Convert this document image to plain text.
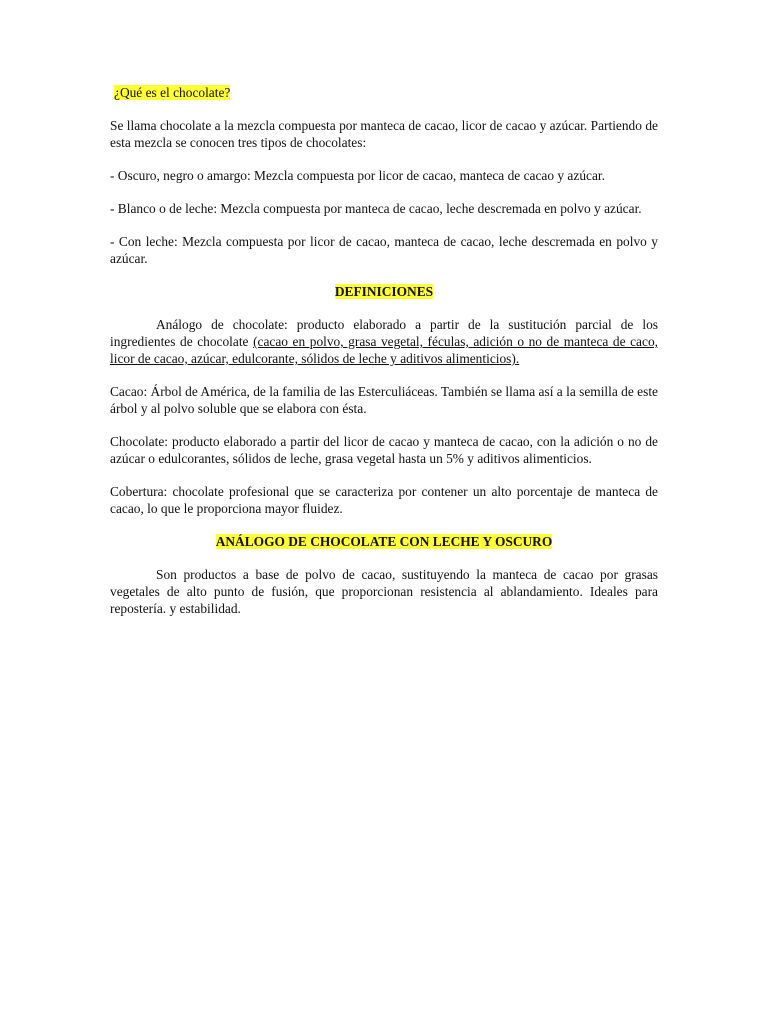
¿Qué es el chocolate?

Se llama chocolate a la mezcla compuesta por manteca de cacao, licor de cacao y azúcar. Partiendo de esta mezcla se conocen tres tipos de chocolates:

- Oscuro, negro o amargo: Mezcla compuesta por licor de cacao, manteca de cacao y azúcar.

- Blanco o de leche: Mezcla compuesta por manteca de cacao, leche descremada en polvo y azúcar.

- Con leche: Mezcla compuesta por licor de cacao, manteca de cacao, leche descremada en polvo y azúcar.

DEFINICIONES

Análogo de chocolate: producto elaborado a partir de la sustitución parcial de los ingredientes de chocolate (cacao en polvo, grasa vegetal, féculas, adición o no de manteca de caco, licor de cacao, azúcar, edulcorante, sólidos de leche y aditivos alimenticios).

Cacao: Árbol de América, de la familia de las Esterculiáceas. También se llama así a la semilla de este árbol y al polvo soluble que se elabora con ésta.

Chocolate: producto elaborado a partir del licor de cacao y manteca de cacao, con la adición o no de azúcar o edulcorantes, sólidos de leche, grasa vegetal hasta un 5% y aditivos alimenticios.

Cobertura: chocolate profesional que se caracteriza por contener un alto porcentaje de manteca de cacao, lo que le proporciona mayor fluidez.

ANÁLOGO DE CHOCOLATE CON LECHE Y OSCURO

Son productos a base de polvo de cacao, sustituyendo la manteca de cacao por grasas vegetales de alto punto de fusión, que proporcionan resistencia al ablandamiento. Ideales para repostería. y estabilidad.
